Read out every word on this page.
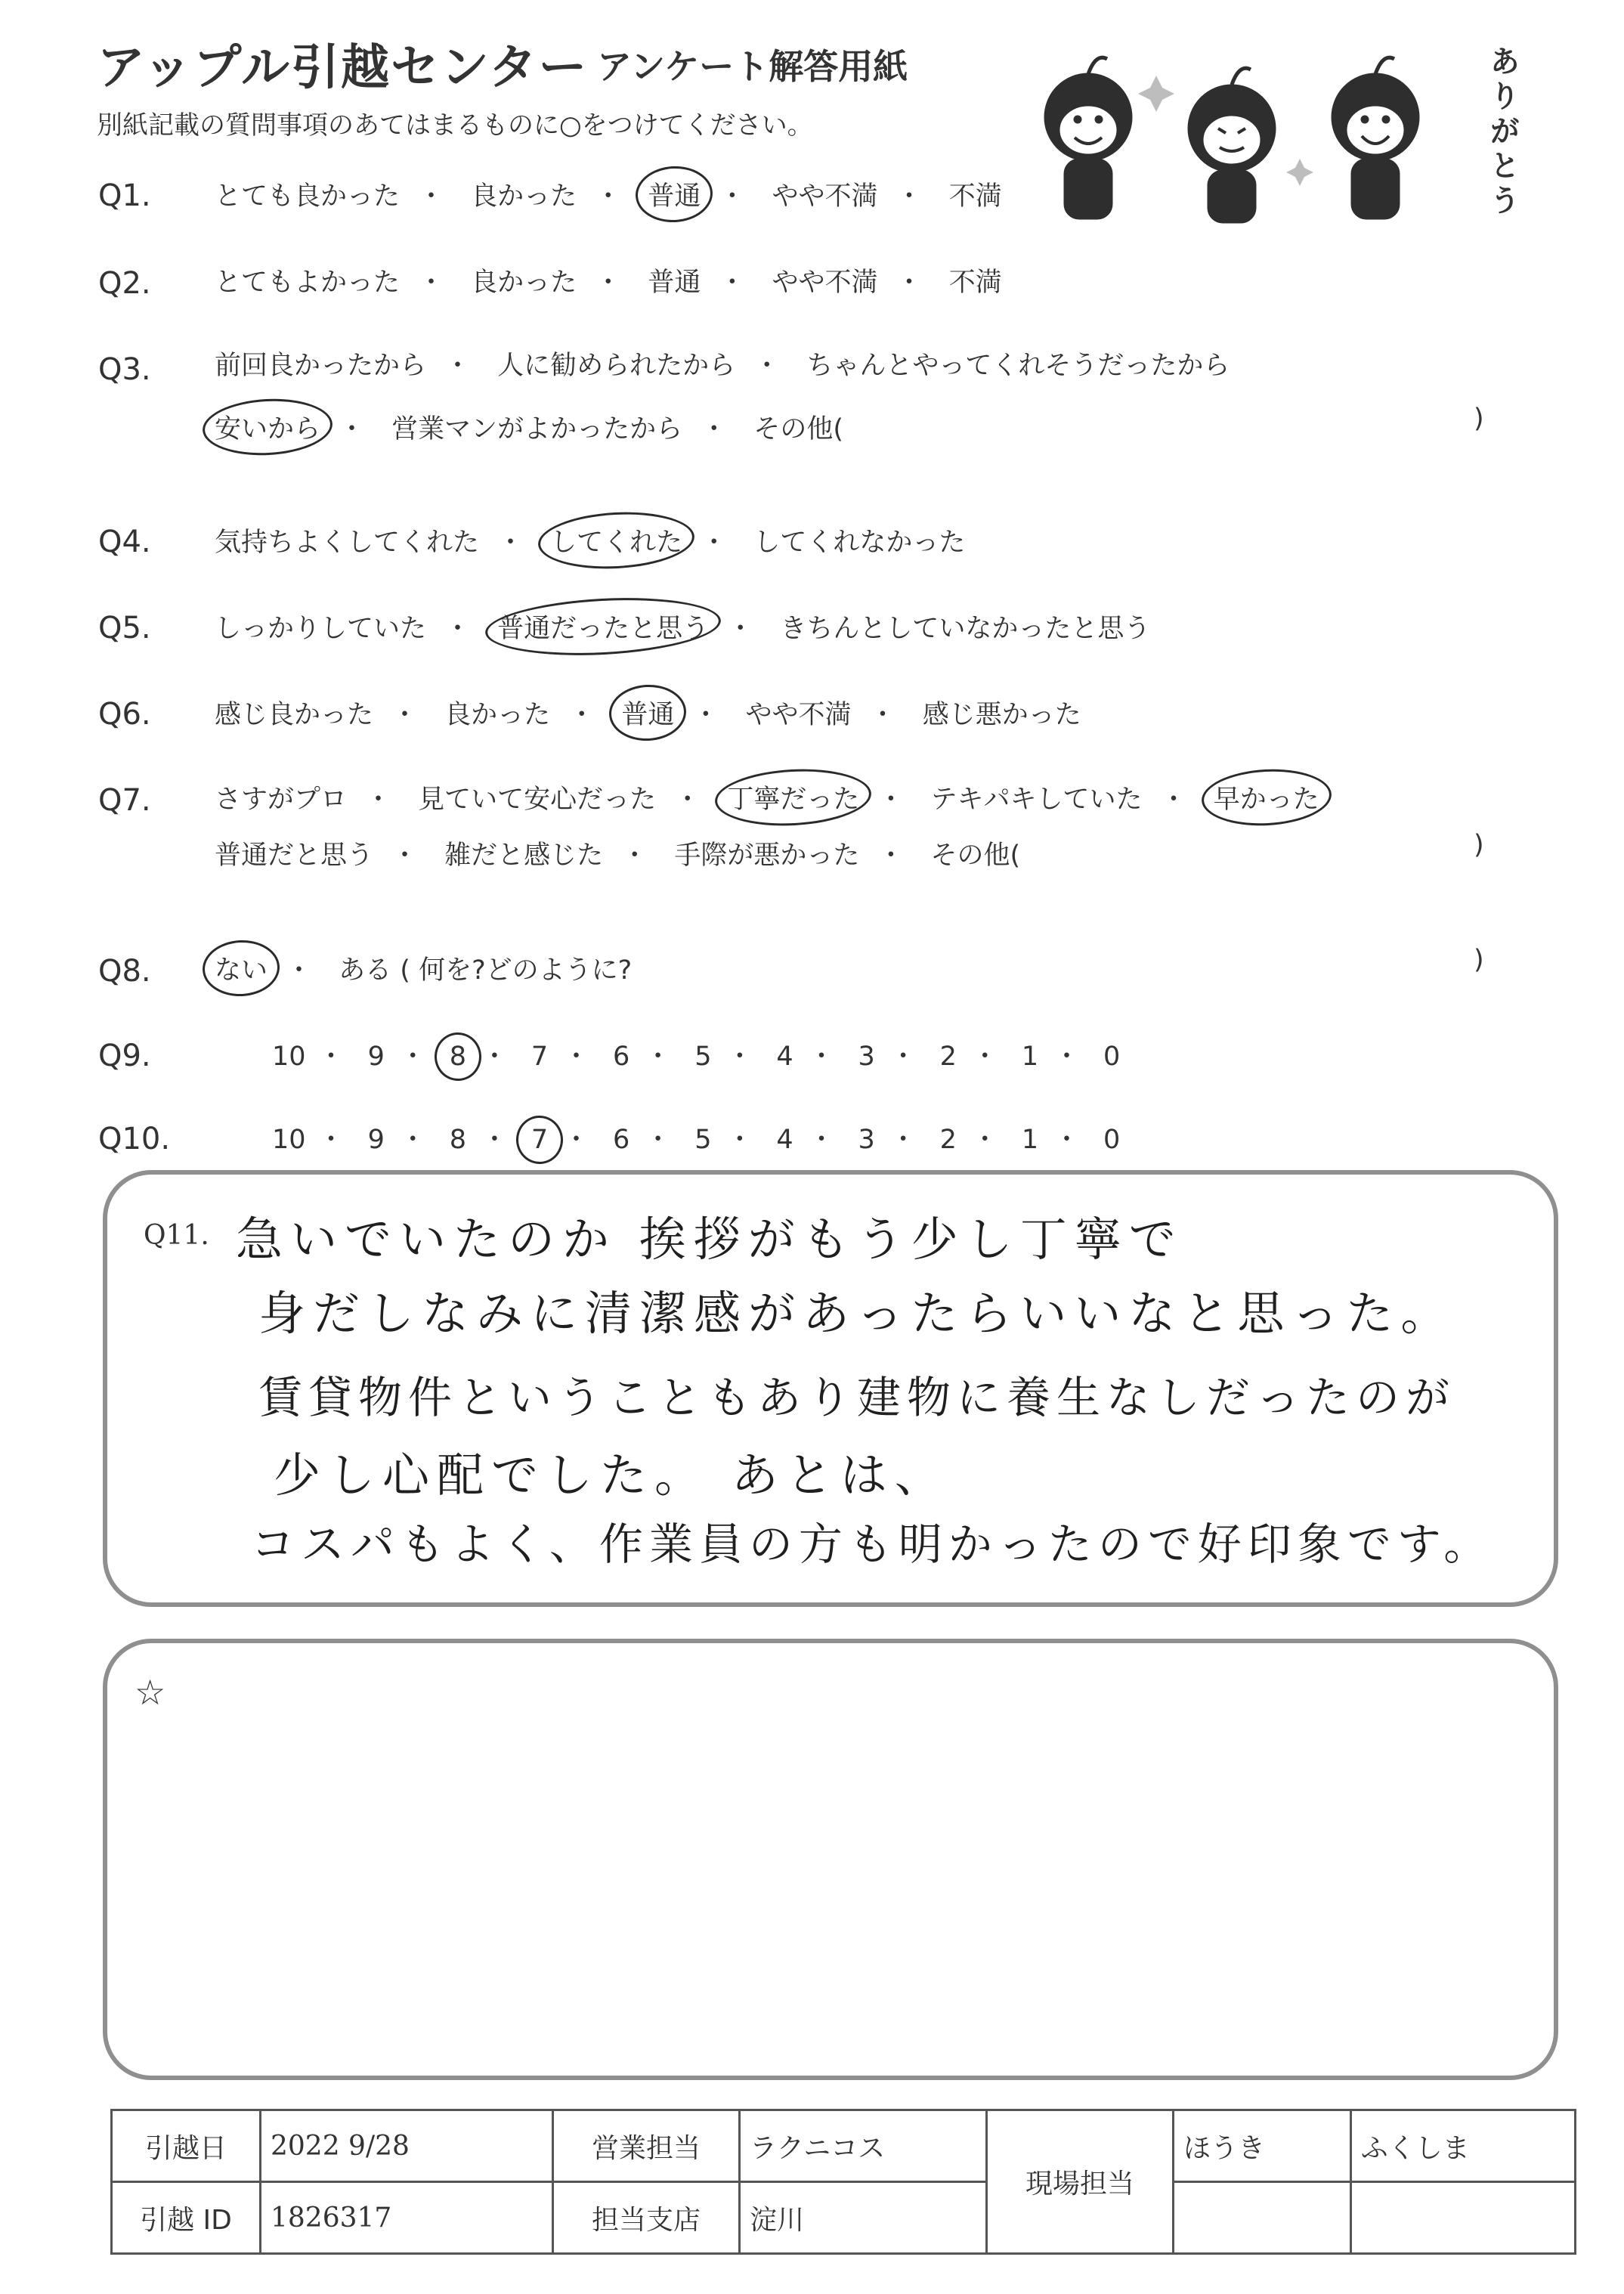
アップル引越センター アンケート解答用紙
別紙記載の質問事項のあてはまるものに○をつけてください。	ありがとう
Q1. とても良かった ・ 良かった ・ 普通 ・ やや不満 ・ 不満
Q2. とてもよかった ・ 良かった ・ 普通 ・ やや不満 ・ 不満
Q3. 前回良かったから ・ 人に勧められたから ・ ちゃんとやってくれそうだったから
安いから ・ 営業マンがよかったから ・ その他(	)
Q4. 気持ちよくしてくれた ・ してくれた ・ してくれなかった
Q5. しっかりしていた ・ 普通だったと思う ・ きちんとしていなかったと思う
Q6. 感じ良かった ・ 良かった ・ 普通 ・ やや不満 ・ 感じ悪かった
Q7. さすがプロ ・ 見ていて安心だった ・ 丁寧だった ・ テキパキしていた ・ 早かった
普通だと思う ・ 雑だと感じた ・ 手際が悪かった ・ その他(	)
Q8. ない ・ ある ( 何を?どのように?	)
Q9.	10 ・ 9 ・ 8 ・ 7 ・ 6 ・ 5 ・ 4 ・ 3 ・ 2 ・ 1 ・ 0
Q10.	10 ・ 9 ・ 8 ・ 7 ・ 6 ・ 5 ・ 4 ・ 3 ・ 2 ・ 1 ・ 0
Q11. 急いでいたのか 挨拶がもう少し丁寧で
身だしなみに清潔感があったらいいなと思った。
賃貸物件ということもあり建物に養生なしだったのが
少し心配でした。 あとは、
コスパもよく、作業員の方も明かったので好印象です。
☆
引越日	2022 9/28	営業担当	ラクニコス	現場担当	ほうき	ふくしま
引越 ID	1826317	担当支店	淀川			
